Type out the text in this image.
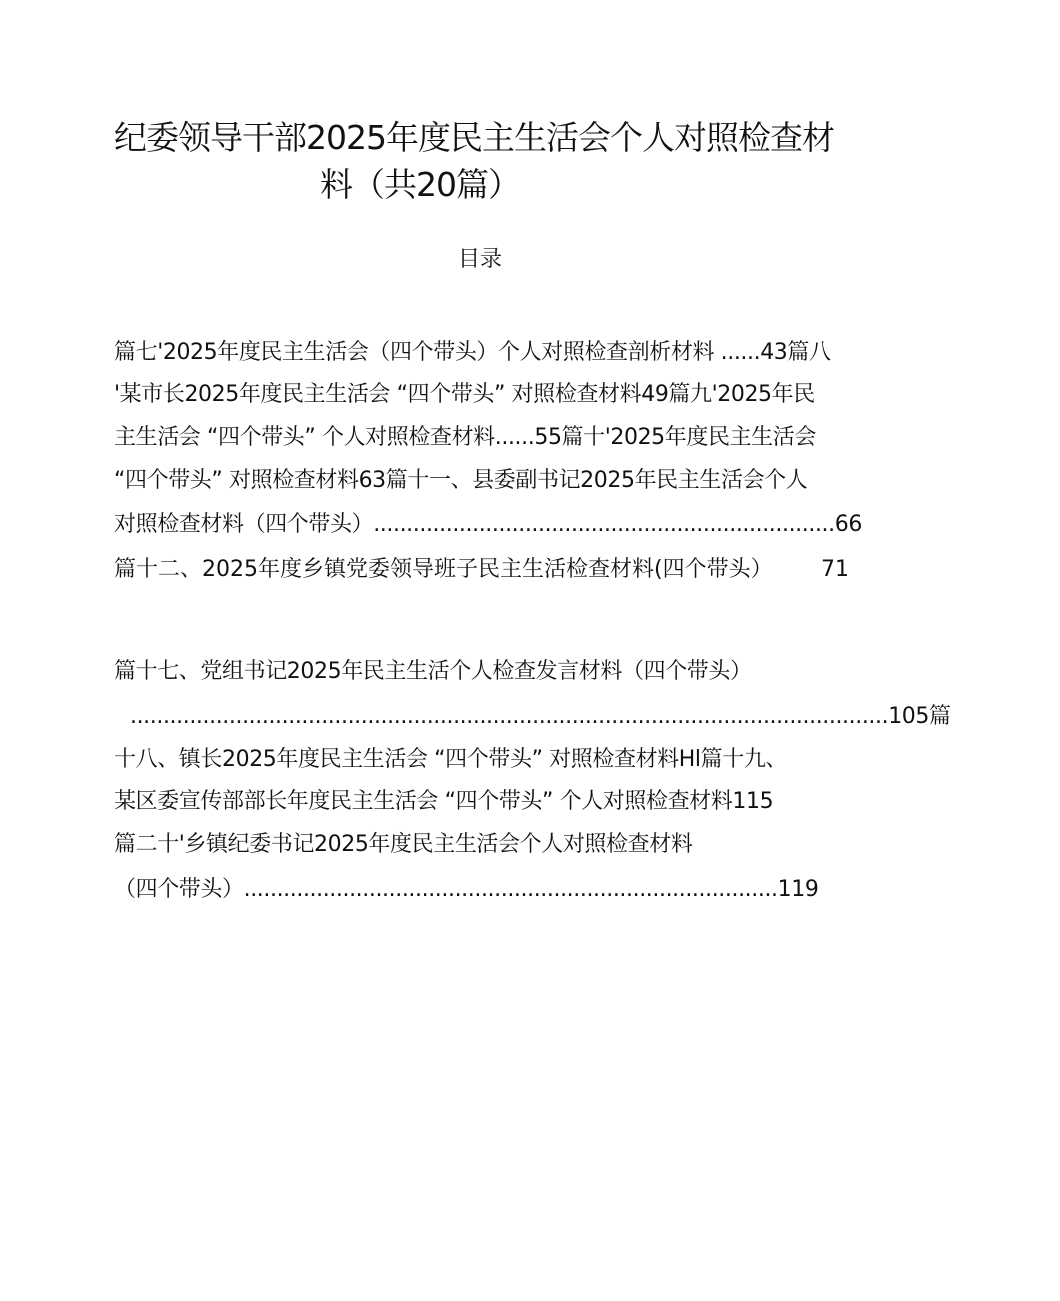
纪委领导干部2025年度民主生活会个人对照检查材
料（共20篇）
目录
篇七'2025年度民主生活会（四个带头）个人对照检查剖析材料 ......43篇八
'某市长2025年度民主生活会 “四个带头” 对照检查材料49篇九'2025年民
主生活会 “四个带头” 个人对照检查材料......55篇十'2025年度民主生活会
“四个带头” 对照检查材料63篇十一、县委副书记2025年民主生活会个人
对照检查材料（四个带头）......................................................................66
篇十二、2025年度乡镇党委领导班子民主生活检查材料(四个带头） 71
篇十七、党组书记2025年民主生活个人检查发言材料（四个带头）
...................................................................................................................105篇
十八、镇长2025年度民主生活会 “四个带头” 对照检查材料Hl篇十九、
某区委宣传部部长年度民主生活会 “四个带头” 个人对照检查材料115
篇二十'乡镇纪委书记2025年度民主生活会个人对照检查材料
（四个带头）.................................................................................119
